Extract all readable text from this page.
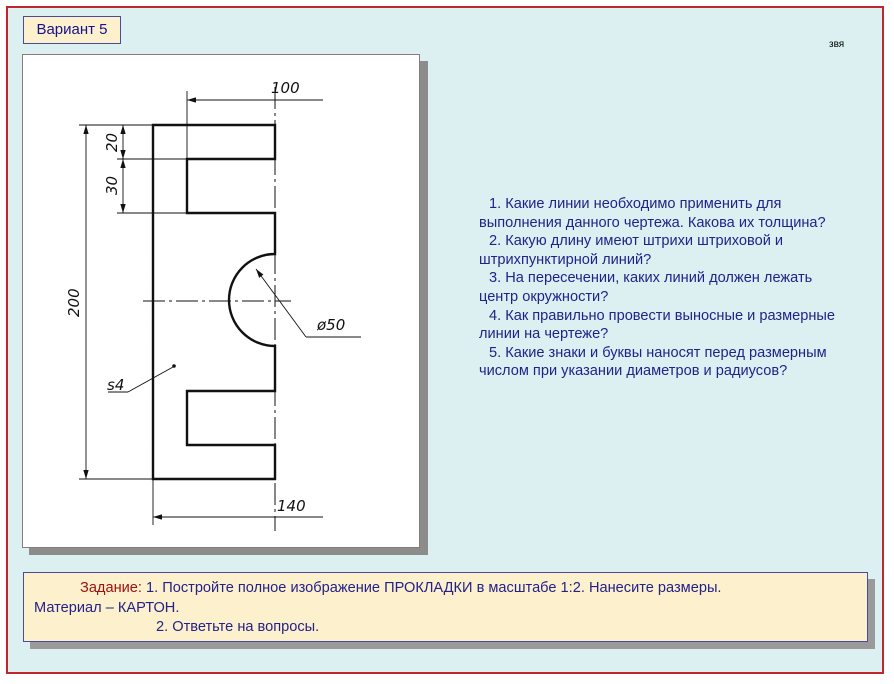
Вариант 5
звя
100
140
ø50
s4
20
30
200

1. Какие линии необходимо применить для выполнения данного чертежа. Какова их толщина?

2. Какую длину имеют штрихи штриховой и штрихпунктирной линий?

3. На пересечении, каких линий должен лежать центр окружности?

4. Как правильно провести выносные и размерные линии на чертеже?

5. Какие знаки и буквы наносят перед размерным числом при указании диаметров и радиусов?

Задание: 1. Постройте полное изображение ПРОКЛАДКИ в масштабе 1:2. Нанесите размеры.
Материал – КАРТОН.
2. Ответьте на вопросы.
